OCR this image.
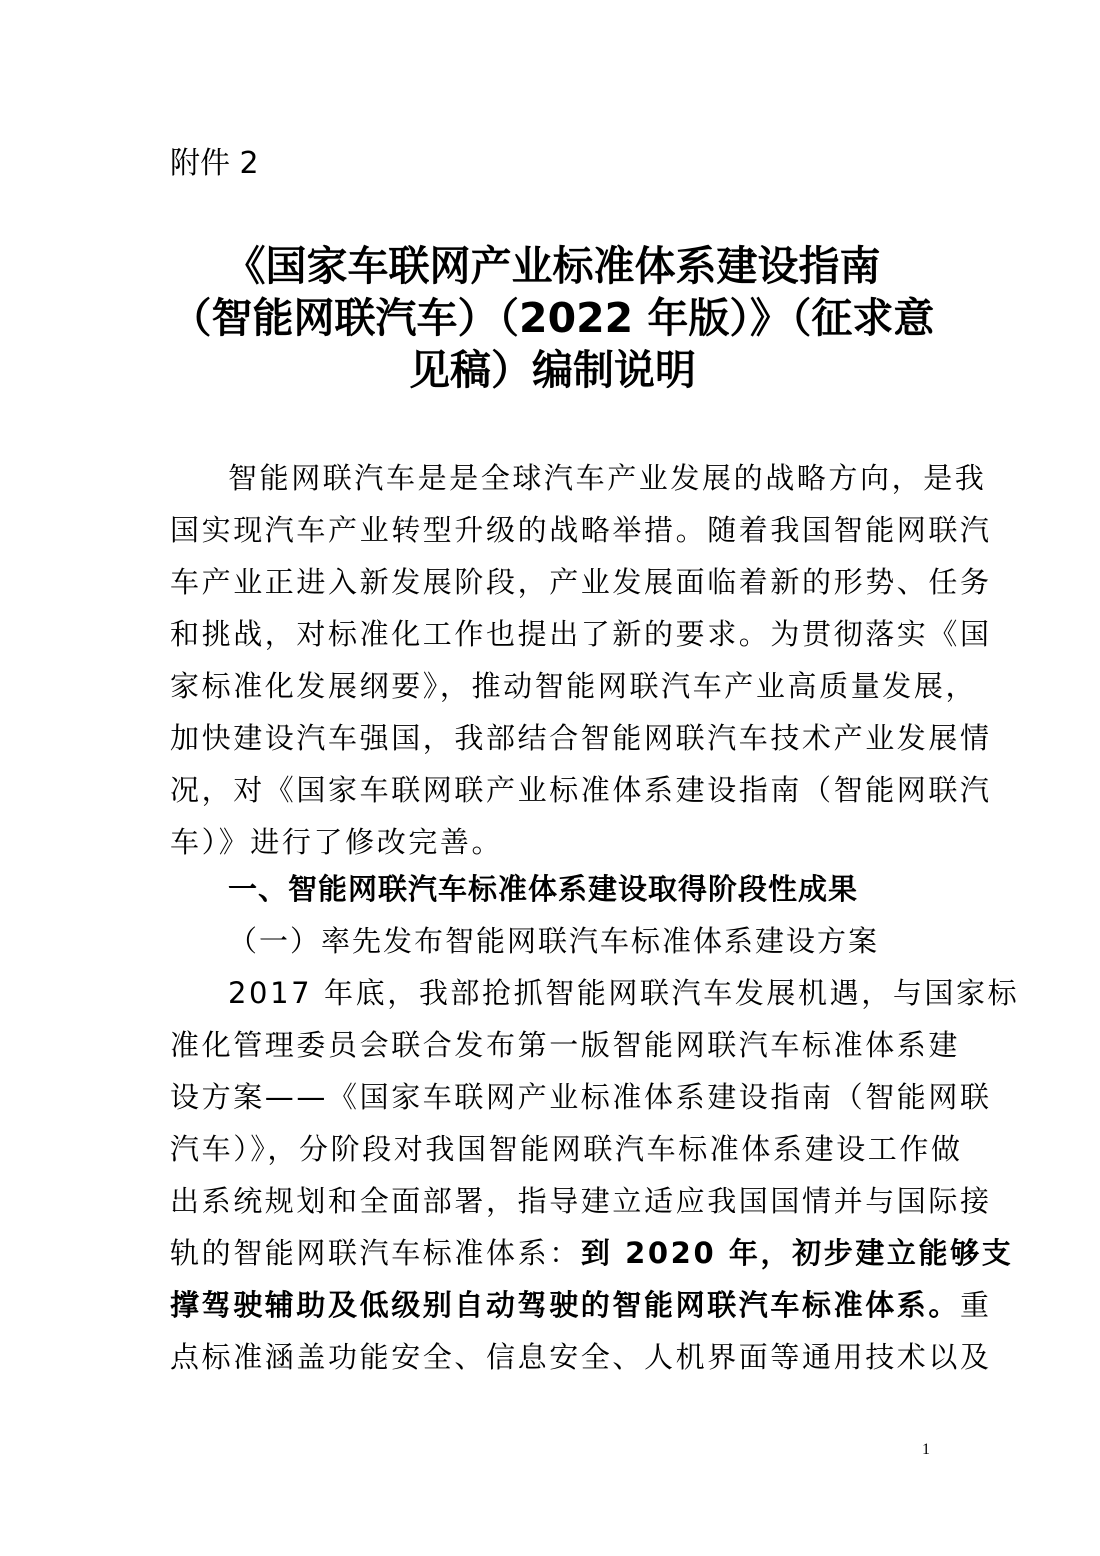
附件 2
《国家车联网产业标准体系建设指南
（智能网联汽车）（2022 年版）》（征求意
见稿）编制说明
智能网联汽车是是全球汽车产业发展的战略方向，是我
国实现汽车产业转型升级的战略举措。随着我国智能网联汽
车产业正进入新发展阶段，产业发展面临着新的形势、任务
和挑战，对标准化工作也提出了新的要求。为贯彻落实《国
家标准化发展纲要》，推动智能网联汽车产业高质量发展，
加快建设汽车强国，我部结合智能网联汽车技术产业发展情
况，对《国家车联网联产业标准体系建设指南（智能网联汽
车）》进行了修改完善。
一、智能网联汽车标准体系建设取得阶段性成果
（一）率先发布智能网联汽车标准体系建设方案
2017 年底，我部抢抓智能网联汽车发展机遇，与国家标
准化管理委员会联合发布第一版智能网联汽车标准体系建
设方案——《国家车联网产业标准体系建设指南（智能网联
汽车）》，分阶段对我国智能网联汽车标准体系建设工作做
出系统规划和全面部署，指导建立适应我国国情并与国际接
轨的智能网联汽车标准体系：到 2020 年，初步建立能够支
撑驾驶辅助及低级别自动驾驶的智能网联汽车标准体系。重
点标准涵盖功能安全、信息安全、人机界面等通用技术以及
1
